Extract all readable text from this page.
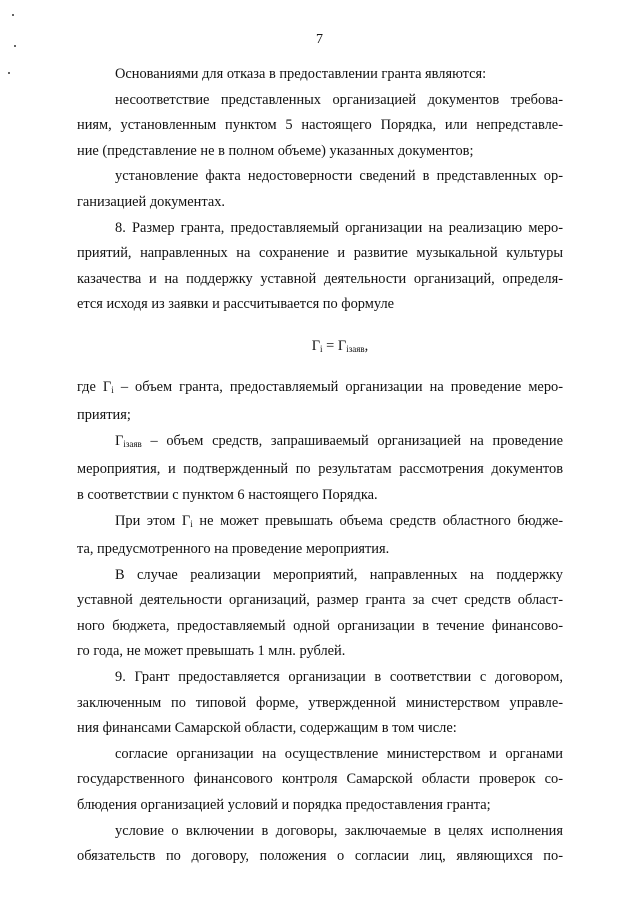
7
Основаниями для отказа в предоставлении гранта являются:
несоответствие представленных организацией документов требова-
ниям, установленным пунктом 5 настоящего Порядка, или непредставле-
ние (представление не в полном объеме) указанных документов;
установление факта недостоверности сведений в представленных ор-
ганизацией документах.
8. Размер гранта, предоставляемый организации на реализацию меро-
приятий, направленных на сохранение и развитие музыкальной культуры
казачества и на поддержку уставной деятельности организаций, определя-
ется исходя из заявки и рассчитывается по формуле
$Г_i = Г_{iзаяв}$,
где $Г_i$ – объем гранта, предоставляемый организации на проведение меро-
приятия;
$Г_{iзаяв}$ – объем средств, запрашиваемый организацией на проведение
мероприятия, и подтвержденный по результатам рассмотрения документов
в соответствии с пунктом 6 настоящего Порядка.
При этом $Г_i$ не может превышать объема средств областного бюдже-
та, предусмотренного на проведение мероприятия.
В случае реализации мероприятий, направленных на поддержку
уставной деятельности организаций, размер гранта за счет средств област-
ного бюджета, предоставляемый одной организации в течение финансово-
го года, не может превышать 1 млн. рублей.
9. Грант предоставляется организации в соответствии с договором,
заключенным по типовой форме, утвержденной министерством управле-
ния финансами Самарской области, содержащим в том числе:
согласие организации на осуществление министерством и органами
государственного финансового контроля Самарской области проверок со-
блюдения организацией условий и порядка предоставления гранта;
условие о включении в договоры, заключаемые в целях исполнения
обязательств по договору, положения о согласии лиц, являющихся по-
